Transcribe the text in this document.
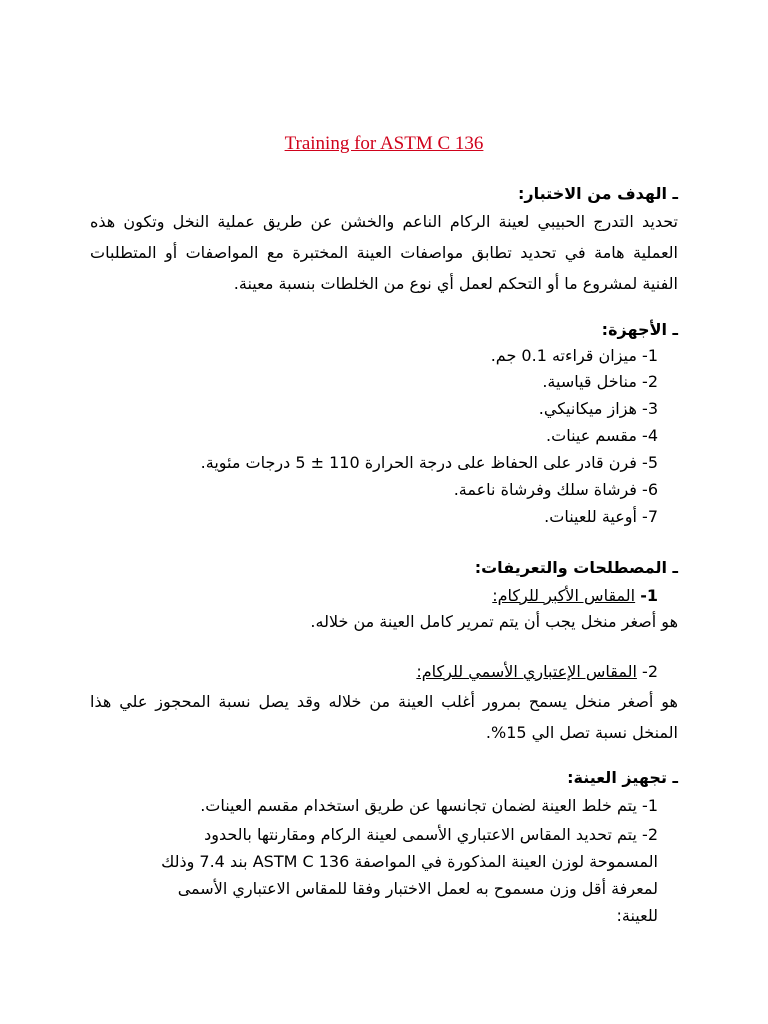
Training for ASTM C 136
ـ الهدف من الاختبار:
تحديد التدرج الحبيبي لعينة الركام الناعم والخشن عن طريق عملية النخل وتكون هذه العملية هامة في تحديد تطابق مواصفات العينة المختبرة مع المواصفات أو المتطلبات الفنية لمشروع ما أو التحكم لعمل أي نوع من الخلطات بنسبة معينة.
ـ الأجهزة:
1- ميزان قراءته 0.1 جم.
2- مناخل قياسية.
3- هزاز ميكانيكي.
4- مقسم عينات.
5- فرن قادر على الحفاظ على درجة الحرارة 110 ± 5 درجات مئوية.
6- فرشاة سلك وفرشاة ناعمة.
7- أوعية للعينات.
ـ المصطلحات والتعريفات:
1- المقاس الأكبر للركام:
هو أصغر منخل يجب أن يتم تمرير كامل العينة من خلاله.
2- المقاس الإعتباري الأسمي للركام:
هو أصغر منخل يسمح بمرور أغلب العينة من خلاله وقد يصل نسبة المحجوز علي هذا المنخل نسبة تصل الي 15%.
ـ تجهيز العينة:
1- يتم خلط العينة لضمان تجانسها عن طريق استخدام مقسم العينات.
2- يتم تحديد المقاس الاعتباري الأسمى لعينة الركام ومقارنتها بالحدود المسموحة لوزن العينة المذكورة في المواصفة ASTM C 136 بند 7.4 وذلك لمعرفة أقل وزن مسموح به لعمل الاختبار وفقا للمقاس الاعتباري الأسمى للعينة:
